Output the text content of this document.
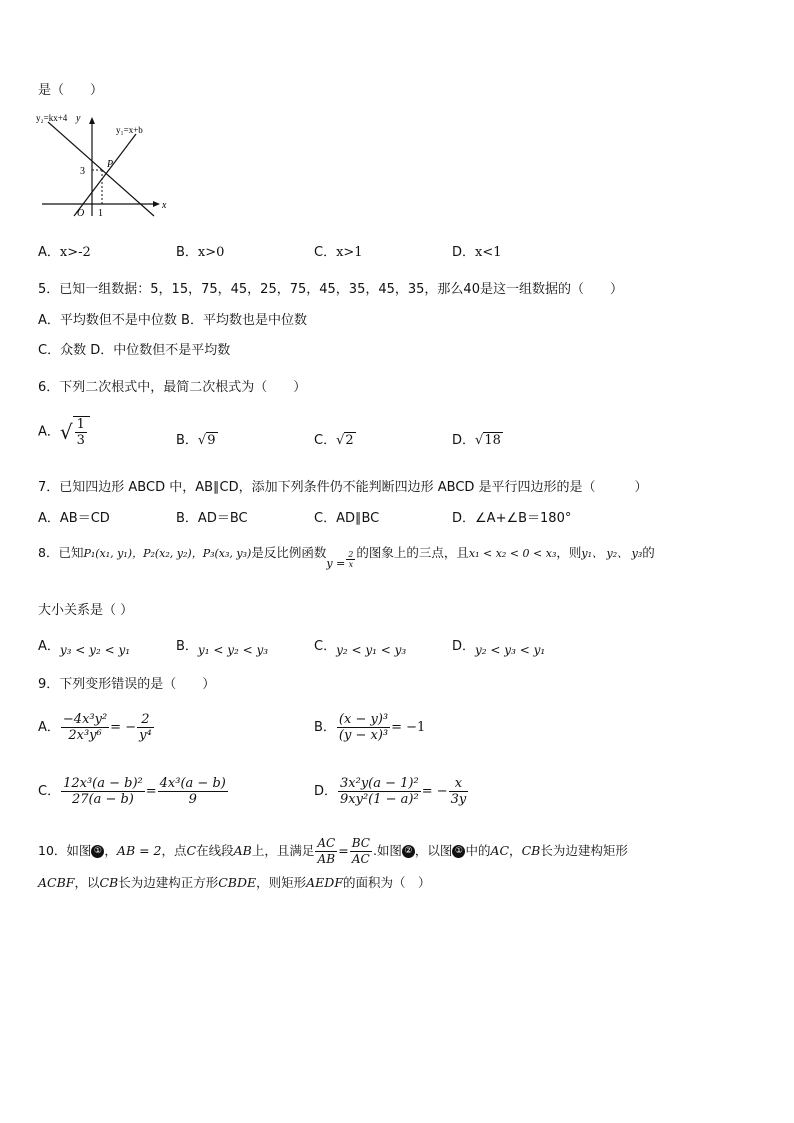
是（　　）
y₂=kx+4 y
y₁=x+b
P
3
O 1
x
A．x>-2	B．x>0	C．x>1	D．x<1
5．已知一组数据：5，15，75，45，25，75，45，35，45，35，那么40是这一组数据的（　　）
A．平均数但不是中位数 B．平均数也是中位数
C．众数 D．中位数但不是平均数
6．下列二次根式中，最简二次根式为（　　）
A．√ $\frac{1}{3}$	B．√9	C．√2	D．√18
7．已知四边形 ABCD 中，AB∥CD，添加下列条件仍不能判断四边形 ABCD 是平行四边形的是（　　　）
A．AB＝CD	B．AD＝BC	C．AD∥BC	D．∠A+∠B＝180°
8．已知P₁(x₁, y₁)，P₂(x₂, y₂)，P₃(x₃, y₃)是反比例函数$y = \frac{2}{x}$ 的图象上的三点，且x₁ < x₂ < 0 < x₃，则y₁、 y₂、 y₃的
大小关系是（ ）
A．y₃ < y₂ < y₁	B．y₁ < y₂ < y₃	C．y₂ < y₁ < y₃	D．y₂ < y₃ < y₁
9．下列变形错误的是（　　）
A． $\frac{\text{−4x³y²}}{\text{2x³y⁶}}$ = − $\frac{2}{\text{y⁴}}$	B． $\frac{\text{(x − y)³}}{\text{(y − x)³}} = -1$
C． $\frac{\text{12x³(a − b)²}}{27(a - b)} = \frac{\text{4x³(a − b)}}{9}$	D． $\frac{\text{3x²y(a − 1)²}}{\text{9xy²(1 − a)²}}$ = − $\frac{x}{3y}$
10．如图 ① ，AB = 2，点C在线段AB上，且满足 $\frac{AC}{AB} = \frac{BC}{AC}$ .如图 ② ，以图 ① 中的AC，CB长为边建构矩形
ACBF，以CB长为边建构正方形CBDE，则矩形AEDF的面积为（　）
